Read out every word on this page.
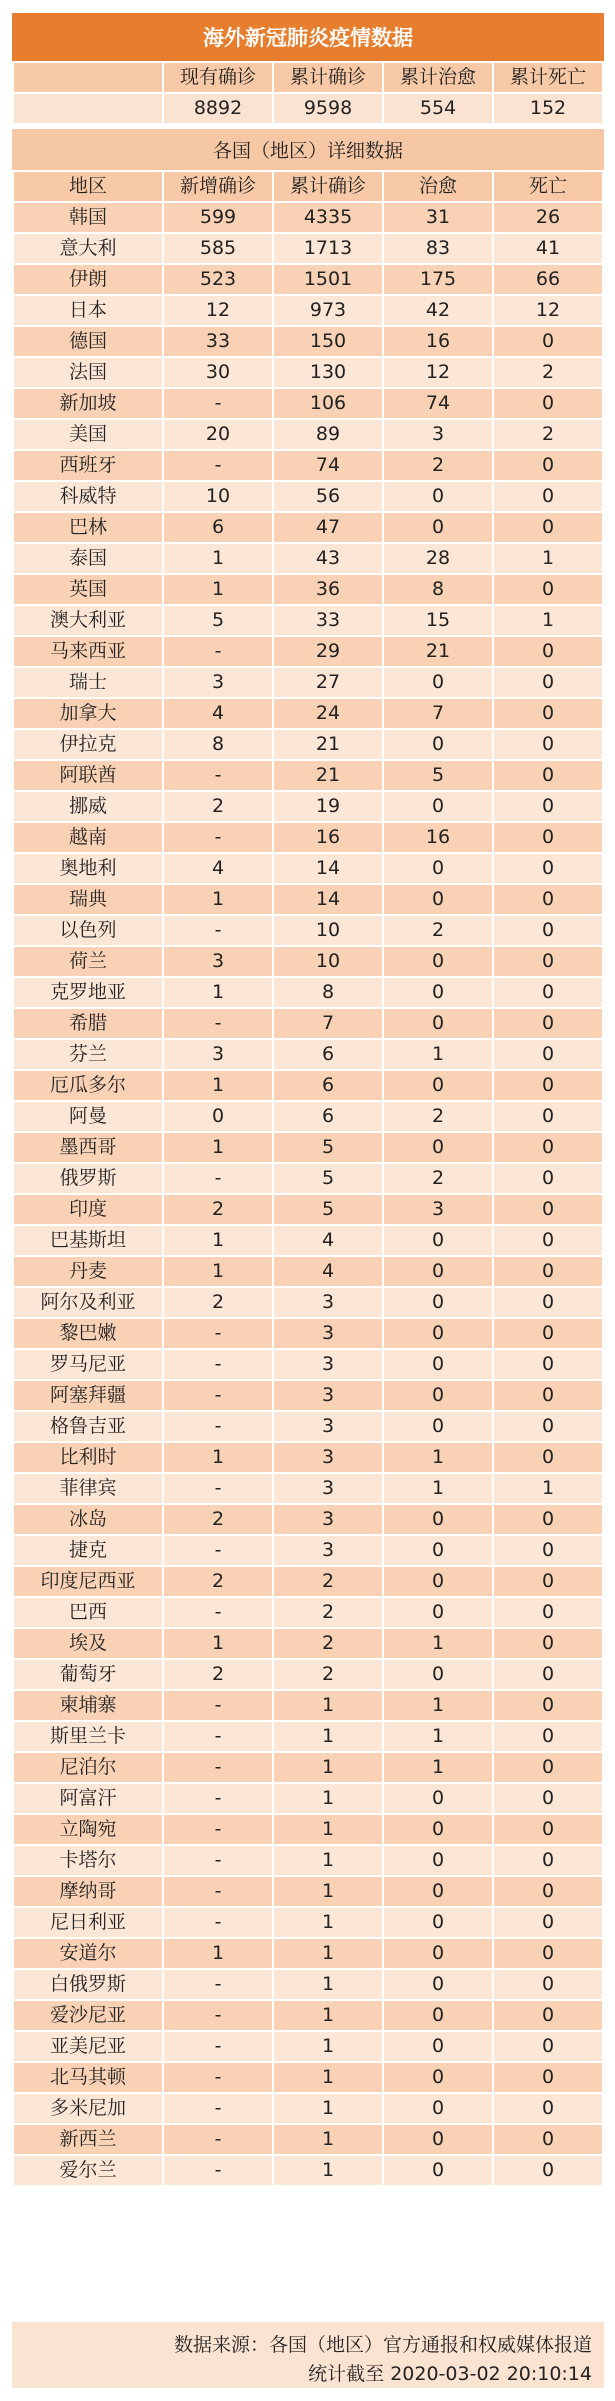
海外新冠肺炎疫情数据
	现有确诊	累计确诊	累计治愈	累计死亡
	8892	9598	554	152
各国（地区）详细数据
地区	新增确诊	累计确诊	治愈	死亡
韩国	599	4335	31	26
意大利	585	1713	83	41
伊朗	523	1501	175	66
日本	12	973	42	12
德国	33	150	16	0
法国	30	130	12	2
新加坡	-	106	74	0
美国	20	89	3	2
西班牙	-	74	2	0
科威特	10	56	0	0
巴林	6	47	0	0
泰国	1	43	28	1
英国	1	36	8	0
澳大利亚	5	33	15	1
马来西亚	-	29	21	0
瑞士	3	27	0	0
加拿大	4	24	7	0
伊拉克	8	21	0	0
阿联酋	-	21	5	0
挪威	2	19	0	0
越南	-	16	16	0
奥地利	4	14	0	0
瑞典	1	14	0	0
以色列	-	10	2	0
荷兰	3	10	0	0
克罗地亚	1	8	0	0
希腊	-	7	0	0
芬兰	3	6	1	0
厄瓜多尔	1	6	0	0
阿曼	0	6	2	0
墨西哥	1	5	0	0
俄罗斯	-	5	2	0
印度	2	5	3	0
巴基斯坦	1	4	0	0
丹麦	1	4	0	0
阿尔及利亚	2	3	0	0
黎巴嫩	-	3	0	0
罗马尼亚	-	3	0	0
阿塞拜疆	-	3	0	0
格鲁吉亚	-	3	0	0
比利时	1	3	1	0
菲律宾	-	3	1	1
冰岛	2	3	0	0
捷克	-	3	0	0
印度尼西亚	2	2	0	0
巴西	-	2	0	0
埃及	1	2	1	0
葡萄牙	2	2	0	0
柬埔寨	-	1	1	0
斯里兰卡	-	1	1	0
尼泊尔	-	1	1	0
阿富汗	-	1	0	0
立陶宛	-	1	0	0
卡塔尔	-	1	0	0
摩纳哥	-	1	0	0
尼日利亚	-	1	0	0
安道尔	1	1	0	0
白俄罗斯	-	1	0	0
爱沙尼亚	-	1	0	0
亚美尼亚	-	1	0	0
北马其顿	-	1	0	0
多米尼加	-	1	0	0
新西兰	-	1	0	0
爱尔兰	-	1	0	0
数据来源：各国（地区）官方通报和权威媒体报道
统计截至 2020-03-02 20:10:14
